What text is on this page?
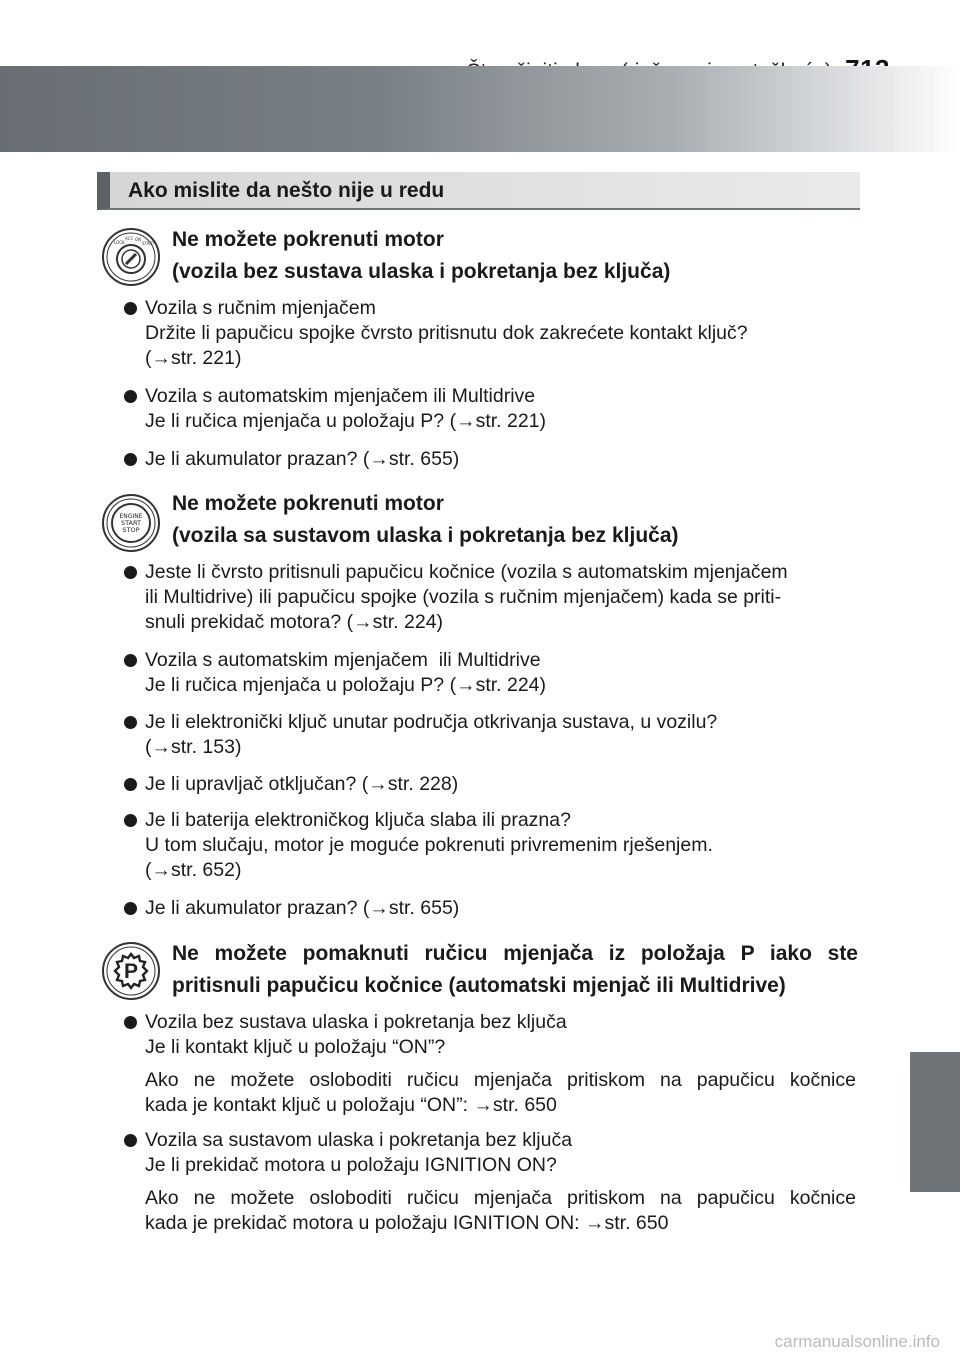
Ako mislite da nešto nije u redu
LOCK
ACC ON
START Ne možete pokrenuti motor
(vozila bez sustava ulaska i pokretanja bez ključa)
Vozila s ručnim mjenjačem
Držite li papučicu spojke čvrsto pritisnutu dok zakrećete kontakt ključ?
(→str. 221)
Vozila s automatskim mjenjačem ili Multidrive
Je li ručica mjenjača u položaju P? (→str. 221)
Je li akumulator prazan? (→str. 655)
ENGINE
START
STOP
Ne možete pokrenuti motor
(vozila sa sustavom ulaska i pokretanja bez ključa)
Jeste li čvrsto pritisnuli papučicu kočnice (vozila s automatskim mjenjačem
ili Multidrive) ili papučicu spojke (vozila s ručnim mjenjačem) kada se priti-
snuli prekidač motora? (→str. 224)
Vozila s automatskim mjenjačem  ili Multidrive
Je li ručica mjenjača u položaju P? (→str. 224)
Je li elektronički ključ unutar područja otkrivanja sustava, u vozilu?
(→str. 153)
Je li upravljač otključan? (→str. 228)
Je li baterija elektroničkog ključa slaba ili prazna?
U tom slučaju, motor je moguće pokrenuti privremenim rješenjem.
(→str. 652)
Je li akumulator prazan? (→str. 655)
P
Ne možete pomaknuti ručicu mjenjača iz položaja P iako ste
pritisnuli papučicu kočnice (automatski mjenjač ili Multidrive)
Vozila bez sustava ulaska i pokretanja bez ključa
Je li kontakt ključ u položaju “ON”?
Ako ne možete osloboditi ručicu mjenjača pritiskom na papučicu kočnice
kada je kontakt ključ u položaju “ON”: →str. 650
Vozila sa sustavom ulaska i pokretanja bez ključa
Je li prekidač motora u položaju IGNITION ON?
Ako ne možete osloboditi ručicu mjenjača pritiskom na papučicu kočnice
kada je prekidač motora u položaju IGNITION ON: →str. 650
carmanualsonline.info
